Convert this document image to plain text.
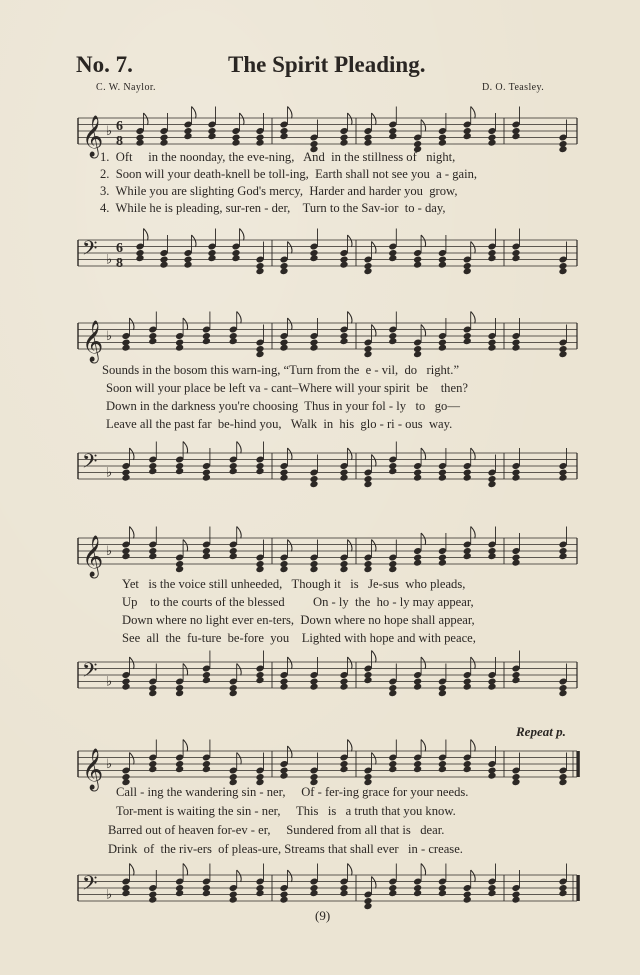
No. 7.	The Spirit Pleading.
C. W. Naylor.	D. O. Teasley.
𝄞 ♭ 6
8
1.  Oft     in the noonday, the eve-ning,   And  in the stillness of   night,
2.  Soon will your death-knell be toll-ing,  Earth shall not see you  a - gain,
3.  While you are slighting God's mercy,  Harder and harder you  grow,
4.  While he is pleading, sur-ren - der,    Turn to the Sav-ior  to - day,
𝄢 ♭
6
8
𝄞 ♭
Sounds in the bosom this warn-ing, “Turn from the  e - vil,  do   right.”
Soon will your place be left va - cant–Where will your spirit  be    then?
Down in the darkness you're choosing  Thus in your fol - ly   to   go—
Leave all the past far  be-hind you,   Walk  in  his  glo - ri - ous  way.
𝄢 ♭
𝄞 ♭
Yet   is the voice still unheeded,   Though it   is   Je-sus  who pleads,
Up    to the courts of the blessed         On - ly  the  ho - ly may appear,
Down where no light ever en-ters,  Down where no hope shall appear,
See  all  the  fu-ture  be-fore  you    Lighted with hope and with peace,
𝄢 ♭
𝄞 ♭
Call - ing the wandering sin - ner,     Of - fer-ing grace for your needs.
Tor-ment is waiting the sin - ner,     This   is   a truth that you know.
Barred out of heaven for-ev - er,     Sundered from all that is   dear.
Drink  of  the riv-ers  of pleas-ure, Streams that shall ever   in - crease.
𝄢 ♭
Repeat p.
(9)
